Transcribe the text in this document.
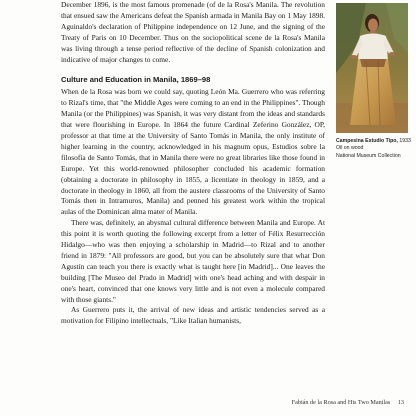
December 1896, is the most famous promenade (of de la Rosa's Manila. The revolution that ensued saw the Americans defeat the Spanish armada in Manila Bay on 1 May 1898. Aguinaldo's declaration of Philippine independence on 12 June, and the signing of the Treaty of Paris on 10 December. Thus on the sociopolitical scene de la Rosa's Manila was living through a tense period reflective of the decline of Spanish colonization and indicative of major changes to come.

Culture and Education in Manila, 1869–98

When de la Rosa was born we could say, quoting León Ma. Guerrero who was referring to Rizal's time, that "the Middle Ages were coming to an end in the Philippines". Though Manila (or the Philippines) was Spanish, it was very distant from the ideas and standards that were flourishing in Europe. In 1864 the future Cardinal Zeferino González, OP, professor at that time at the University of Santo Tomás in Manila, the only institute of higher learning in the country, acknowledged in his magnum opus, Estudios sobre la filosofía de Santo Tomás, that in Manila there were no great libraries like those found in Europe. Yet this world-renowned philosopher concluded his academic formation (obtaining a doctorate in philosophy in 1855, a licentiate in theology in 1859, and a doctorate in theology in 1860, all from the austere classrooms of the University of Santo Tomás then in Intramuros, Manila) and penned his greatest work within the tropical aulas of the Dominican alma mater of Manila.

There was, definitely, an abysmal cultural difference between Manila and Europe. At this point it is worth quoting the following excerpt from a letter of Félix Resurrección Hidalgo—who was then enjoying a scholarship in Madrid—to Rizal and to another friend in 1879: "All professors are good, but you can be absolutely sure that what Don Agustín can teach you there is exactly what is taught here [in Madrid]... One leaves the building [The Museo del Prado in Madrid] with one's head aching and with despair in one's heart, convinced that one knows very little and is not even a molecule compared with those giants."

As Guerrero puts it, the arrival of new ideas and artistic tendencies served as a motivation for Filipino intellectuals, "Like Italian humanists,

Campesina Estudio Tipo, 1933
Oil on wood
National Museum Collection
Fabián de la Rosa and His Two Manilas 13
